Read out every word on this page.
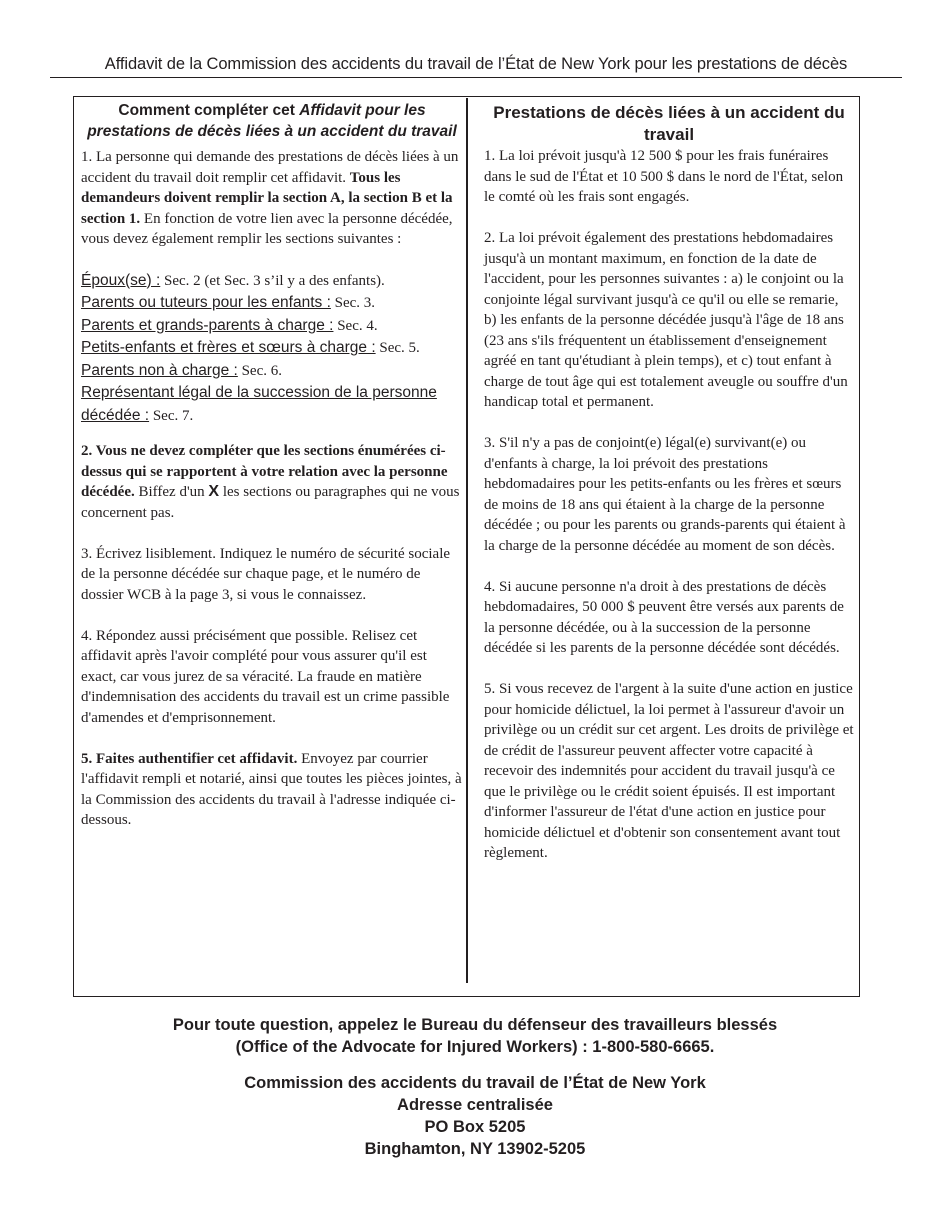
Affidavit de la Commission des accidents du travail de l’État de New York pour les prestations de décès
Comment compléter cet Affidavit pour les prestations de décès liées à un accident du travail

1. La personne qui demande des prestations de décès liées à un accident du travail doit remplir cet affidavit. Tous les demandeurs doivent remplir la section A, la section B et la section 1. En fonction de votre lien avec la personne décédée, vous devez également remplir les sections suivantes :

Époux(se) : Sec. 2 (et Sec. 3 s’il y a des enfants).

Parents ou tuteurs pour les enfants : Sec. 3.

Parents et grands-parents à charge : Sec. 4.

Petits-enfants et frères et sœurs à charge : Sec. 5.

Parents non à charge : Sec. 6.

Représentant légal de la succession de la personne décédée : Sec. 7.

2. Vous ne devez compléter que les sections énumérées ci-dessus qui se rapportent à votre relation avec la personne décédée. Biffez d'un X les sections ou paragraphes qui ne vous concernent pas.

3. Écrivez lisiblement. Indiquez le numéro de sécurité sociale de la personne décédée sur chaque page, et le numéro de dossier WCB à la page 3, si vous le connaissez.

4. Répondez aussi précisément que possible. Relisez cet affidavit après l'avoir complété pour vous assurer qu'il est exact, car vous jurez de sa véracité. La fraude en matière d'indemnisation des accidents du travail est un crime passible d'amendes et d'emprisonnement.

5. Faites authentifier cet affidavit. Envoyez par courrier l'affidavit rempli et notarié, ainsi que toutes les pièces jointes, à la Commission des accidents du travail à l'adresse indiquée ci-dessous.

Prestations de décès liées à un accident du travail

1. La loi prévoit jusqu'à 12 500 $ pour les frais funéraires dans le sud de l'État et 10 500 $ dans le nord de l'État, selon le comté où les frais sont engagés.

2. La loi prévoit également des prestations hebdomadaires jusqu'à un montant maximum, en fonction de la date de l'accident, pour les personnes suivantes : a) le conjoint ou la conjointe légal survivant jusqu'à ce qu'il ou elle se remarie, b) les enfants de la personne décédée jusqu'à l'âge de 18 ans (23 ans s'ils fréquentent un établissement d'enseignement agréé en tant qu'étudiant à plein temps), et c) tout enfant à charge de tout âge qui est totalement aveugle ou souffre d'un handicap total et permanent.

3. S'il n'y a pas de conjoint(e) légal(e) survivant(e) ou d'enfants à charge, la loi prévoit des prestations hebdomadaires pour les petits-enfants ou les frères et sœurs de moins de 18 ans qui étaient à la charge de la personne décédée ; ou pour les parents ou grands-parents qui étaient à la charge de la personne décédée au moment de son décès.

4. Si aucune personne n'a droit à des prestations de décès hebdomadaires, 50 000 $ peuvent être versés aux parents de la personne décédée, ou à la succession de la personne décédée si les parents de la personne décédée sont décédés.

5. Si vous recevez de l'argent à la suite d'une action en justice pour homicide délictuel, la loi permet à l'assureur d'avoir un privilège ou un crédit sur cet argent. Les droits de privilège et de crédit de l'assureur peuvent affecter votre capacité à recevoir des indemnités pour accident du travail jusqu'à ce que le privilège ou le crédit soient épuisés. Il est important d'informer l'assureur de l'état d'une action en justice pour homicide délictuel et d'obtenir son consentement avant tout règlement.

Pour toute question, appelez le Bureau du défenseur des travailleurs blessés
(Office of the Advocate for Injured Workers) : 1-800-580-6665.
Commission des accidents du travail de l’État de New York
Adresse centralisée
PO Box 5205
Binghamton, NY 13902-5205
